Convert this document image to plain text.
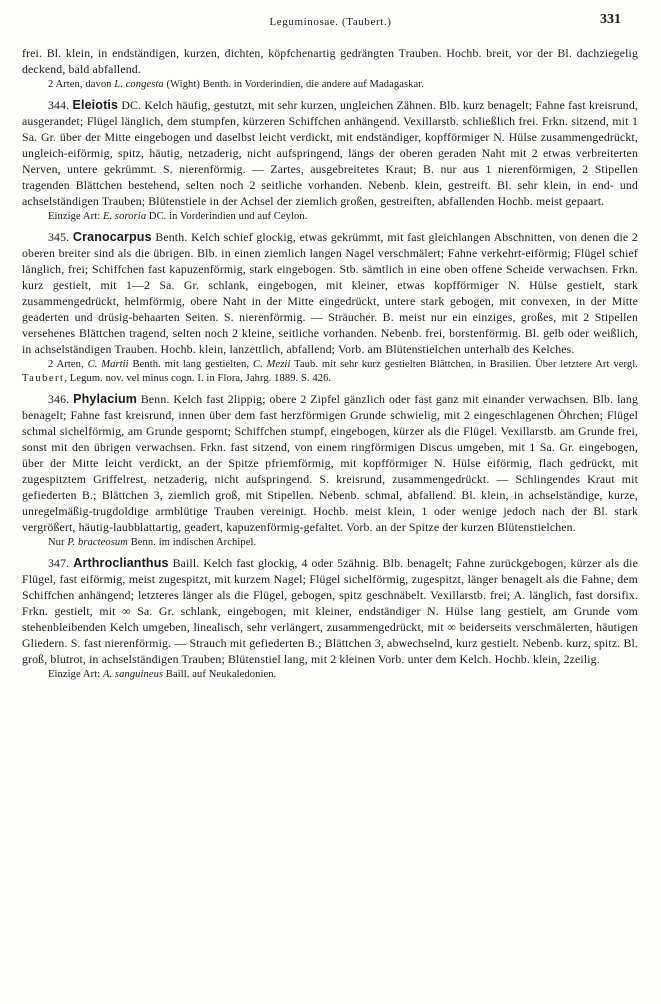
Leguminosae. (Taubert.)	331

frei. Bl. klein, in endständigen, kurzen, dichten, köpfchenartig gedrängten Trauben. Hochb. breit, vor der Bl. dachziegelig deckend, bald abfallend.

2 Arten, davon L. congesta (Wight) Benth. in Vorderindien, die andere auf Madagaskar.

344. Eleiotis DC. Kelch häufig, gestutzt, mit sehr kurzen, ungleichen Zähnen. Blb. kurz benagelt; Fahne fast kreisrund, ausgerandet; Flügel länglich, dem stumpfen, kürzeren Schiffchen anhängend. Vexillarstb. schließlich frei. Frkn. sitzend, mit 1 Sa. Gr. über der Mitte eingebogen und daselbst leicht verdickt, mit endständiger, kopfförmiger N. Hülse zusammengedrückt, ungleich-eiförmig, spitz, häutig, netzaderig, nicht aufspringend, längs der oberen geraden Naht mit 2 etwas verbreiterten Nerven, untere gekrümmt. S. nierenförmig. — Zartes, ausgebreitetes Kraut; B. nur aus 1 nierenförmigen, 2 Stipellen tragenden Blättchen bestehend, selten noch 2 seitliche vorhanden. Nebenb. klein, gestreift. Bl. sehr klein, in end- und achselständigen Trauben; Blütenstiele in der Achsel der ziemlich großen, gestreiften, abfallenden Hochb. meist gepaart.

Einzige Art: E. sororia DC. in Vorderindien und auf Ceylon.

345. Cranocarpus Benth. Kelch schief glockig, etwas gekrümmt, mit fast gleichlangen Abschnitten, von denen die 2 oberen breiter sind als die übrigen. Blb. in einen ziemlich langen Nagel verschmälert; Fahne verkehrt-eiförmig; Flügel schief länglich, frei; Schiffchen fast kapuzenförmig, stark eingebogen. Stb. sämtlich in eine oben offene Scheide verwachsen. Frkn. kurz gestielt, mit 1—2 Sa. Gr. schlank, eingebogen, mit kleiner, etwas kopfförmiger N. Hülse gestielt, stark zusammengedrückt, helmförmig, obere Naht in der Mitte eingedrückt, untere stark gebogen, mit convexen, in der Mitte geaderten und drüsig-behaarten Seiten. S. nierenförmig. — Sträucher. B. meist nur ein einziges, großes, mit 2 Stipellen versehenes Blättchen tragend, selten noch 2 kleine, seitliche vorhanden. Nebenb. frei, borstenförmig. Bl. gelb oder weißlich, in achselständigen Trauben. Hochb. klein, lanzettlich, abfallend; Vorb. am Blütenstielchen unterhalb des Kelches.

2 Arten, C. Martii Benth. mit lang gestielten, C. Mezii Taub. mit sehr kurz gestielten Blättchen, in Brasilien. Über letztere Art vergl. Taubert, Legum. nov. vel minus cogn. I. in Flora, Jahrg. 1889. S. 426.

346. Phylacium Benn. Kelch fast 2lippig; obere 2 Zipfel gänzlich oder fast ganz mit einander verwachsen. Blb. lang benagelt; Fahne fast kreisrund, innen über dem fast herzförmigen Grunde schwielig, mit 2 eingeschlagenen Öhrchen; Flügel schmal sichelförmig, am Grunde gespornt; Schiffchen stumpf, eingebogen, kürzer als die Flügel. Vexillarstb. am Grunde frei, sonst mit den übrigen verwachsen. Frkn. fast sitzend, von einem ringförmigen Discus umgeben, mit 1 Sa. Gr. eingebogen, über der Mitte leicht verdickt, an der Spitze pfriemförmig, mit kopfförmiger N. Hülse eiförmig, flach gedrückt, mit zugespitztem Griffelrest, netzaderig, nicht aufspringend. S. kreisrund, zusammengedrückt. — Schlingendes Kraut mit gefiederten B.; Blättchen 3, ziemlich groß, mit Stipellen. Nebenb. schmal, abfallend. Bl. klein, in achselständige, kurze, unregelmäßig-trugdoldige armblütige Trauben vereinigt. Hochb. meist klein, 1 oder wenige jedoch nach der Bl. stark vergrößert, häutig-laubblattartig, geadert, kapuzenförmig-gefaltet. Vorb. an der Spitze der kurzen Blütenstielchen.

Nur P. bracteosum Benn. im indischen Archipel.

347. Arthroclianthus Baill. Kelch fast glockig, 4 oder 5zähnig. Blb. benagelt; Fahne zurückgebogen, kürzer als die Flügel, fast eiförmig, meist zugespitzt, mit kurzem Nagel; Flügel sichelförmig, zugespitzt, länger benagelt als die Fahne, dem Schiffchen anhängend; letzteres länger als die Flügel, gebogen, spitz geschnäbelt. Vexillarstb. frei; A. länglich, fast dorsifix. Frkn. gestielt, mit ∞ Sa. Gr. schlank, eingebogen, mit kleiner, endständiger N. Hülse lang gestielt, am Grunde vom stehenbleibenden Kelch umgeben, linealisch, sehr verlängert, zusammengedrückt, mit ∞ beiderseits verschmälerten, häutigen Gliedern. S. fast nierenförmig. — Strauch mit gefiederten B.; Blättchen 3, abwechselnd, kurz gestielt. Nebenb. kurz, spitz. Bl. groß, blutrot, in achselständigen Trauben; Blütenstiel lang, mit 2 kleinen Vorb. unter dem Kelch. Hochb. klein, 2zeilig.

Einzige Art: A. sanguineus Baill. auf Neukaledonien.
